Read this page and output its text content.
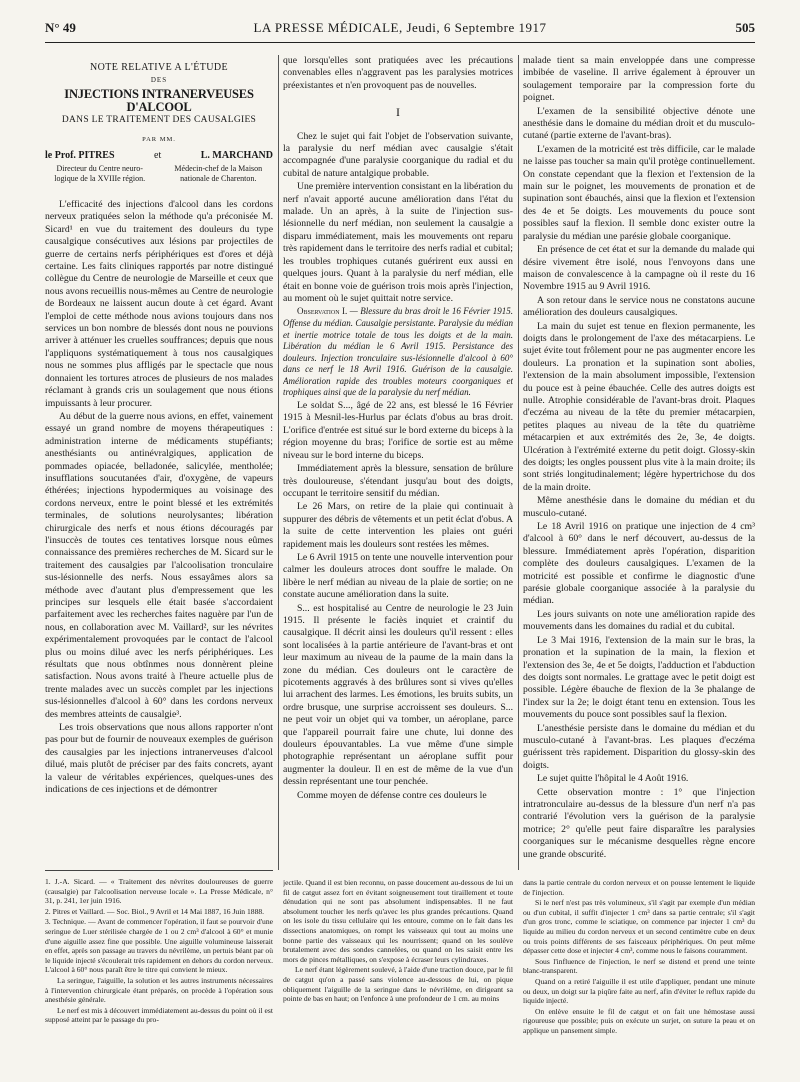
N° 49	LA PRESSE MÉDICALE, Jeudi, 6 Septembre 1917	505
NOTE RELATIVE A L'ÉTUDE
DES
INJECTIONS INTRANERVEUSES D'ALCOOL
DANS LE TRAITEMENT DES CAUSALGIES
PAR MM.
le Prof. PITRES	et	L. MARCHAND
Directeur du Centre neuro-logique de la XVIIIe région.
Médecin-chef de la Maison nationale de Charenton.

L'efficacité des injections d'alcool dans les cordons nerveux pratiquées selon la méthode qu'a préconisée M. Sicard¹ en vue du traitement des douleurs du type causalgique consécutives aux lésions par projectiles de guerre de certains nerfs périphériques est d'ores et déjà certaine. Les faits cliniques rapportés par notre distingué collègue du Centre de neurologie de Marseille et ceux que nous avons recueillis nous-mêmes au Centre de neurologie de Bordeaux ne laissent aucun doute à cet égard. Avant l'emploi de cette méthode nous avions toujours dans nos services un bon nombre de blessés dont nous ne pouvions arriver à atténuer les cruelles souffrances; depuis que nous l'appliquons systématiquement à tous nos causalgiques nous ne sommes plus affligés par le spectacle que nous donnaient les tortures atroces de plusieurs de nos malades réclamant à grands cris un soulagement que nous étions impuissants à leur procurer.

Au début de la guerre nous avions, en effet, vainement essayé un grand nombre de moyens thérapeutiques : administration interne de médicaments stupéfiants; anesthésiants ou antinévralgiques, application de pommades opiacée, belladonée, salicylée, mentholée; insufflations soucutanées d'air, d'oxygène, de vapeurs éthérées; injections hypodermiques au voisinage des cordons nerveux, entre le point blessé et les extrémités terminales, de solutions neurolysantes; libération chirurgicale des nerfs et nous étions découragés par l'insuccès de toutes ces tentatives lorsque nous eûmes connaissance des premières recherches de M. Sicard sur le traitement des causalgies par l'alcoolisation tronculaire sus-lésionnelle des nerfs. Nous essayâmes alors sa méthode avec d'autant plus d'empressement que les principes sur lesquels elle était basée s'accordaient parfaitement avec les recherches faites naguère par l'un de nous, en collaboration avec M. Vaillard², sur les névrites expérimentalement provoquées par le contact de l'alcool plus ou moins dilué avec les nerfs périphériques. Les résultats que nous obtînmes nous donnèrent pleine satisfaction. Nous avons traité à l'heure actuelle plus de trente malades avec un succès complet par les injections sus-lésionnelles d'alcool à 60° dans les cordons nerveux des membres atteints de causalgie³.

Les trois observations que nous allons rapporter n'ont pas pour but de fournir de nouveaux exemples de guérison des causalgies par les injections intranerveuses d'alcool dilué, mais plutôt de préciser par des faits concrets, ayant la valeur de véritables expériences, quelques-unes des indications de ces injections et de démontrer

que lorsqu'elles sont pratiquées avec les précautions convenables elles n'aggravent pas les paralysies motrices préexistantes et n'en provoquent pas de nouvelles.

I

Chez le sujet qui fait l'objet de l'observation suivante, la paralysie du nerf médian avec causalgie s'était accompagnée d'une paralysie coorganique du radial et du cubital de nature antalgique probable.

Une première intervention consistant en la libération du nerf n'avait apporté aucune amélioration dans l'état du malade. Un an après, à la suite de l'injection sus-lésionnelle du nerf médian, non seulement la causalgie a disparu immédiatement, mais les mouvements ont reparu très rapidement dans le territoire des nerfs radial et cubital; les troubles trophiques cutanés guérirent eux aussi en quelques jours. Quant à la paralysie du nerf médian, elle était en bonne voie de guérison trois mois après l'injection, au moment où le sujet quittait notre service.

Observation I. — Blessure du bras droit le 16 Février 1915. Offense du médian. Causalgie persistante. Paralysie du médian et inertie motrice totale de tous les doigts et de la main. Libération du médian le 6 Avril 1915. Persistance des douleurs. Injection tronculaire sus-lésionnelle d'alcool à 60° dans ce nerf le 18 Avril 1916. Guérison de la causalgie. Amélioration rapide des troubles moteurs coorganiques et trophiques ainsi que de la paralysie du nerf médian.

Le soldat S..., âgé de 22 ans, est blessé le 16 Février 1915 à Mesnil-les-Hurlus par éclats d'obus au bras droit. L'orifice d'entrée est situé sur le bord externe du biceps à la région moyenne du bras; l'orifice de sortie est au même niveau sur le bord interne du biceps.

Immédiatement après la blessure, sensation de brûlure très douloureuse, s'étendant jusqu'au bout des doigts, occupant le territoire sensitif du médian.

Le 26 Mars, on retire de la plaie qui continuait à suppurer des débris de vêtements et un petit éclat d'obus. A la suite de cette intervention les plaies ont guéri rapidement mais les douleurs sont restées les mêmes.

Le 6 Avril 1915 on tente une nouvelle intervention pour calmer les douleurs atroces dont souffre le malade. On libère le nerf médian au niveau de la plaie de sortie; on ne constate aucune amélioration dans la suite.

S... est hospitalisé au Centre de neurologie le 23 Juin 1915. Il présente le faciès inquiet et craintif du causalgique. Il décrit ainsi les douleurs qu'il ressent : elles sont localisées à la partie antérieure de l'avant-bras et ont leur maximum au niveau de la paume de la main dans la zone du médian. Ces douleurs ont le caractère de picotements aggravés à des brûlures sont si vives qu'elles lui arrachent des larmes. Les émotions, les bruits subits, un ordre brusque, une surprise accroissent ses douleurs. S... ne peut voir un objet qui va tomber, un aéroplane, parce que l'appareil pourrait faire une chute, lui donne des douleurs épouvantables. La vue même d'une simple photographie représentant un aéroplane suffit pour augmenter la douleur. Il en est de même de la vue d'un dessin représentant une tour penchée.

Comme moyen de défense contre ces douleurs le

malade tient sa main enveloppée dans une compresse imbibée de vaseline. Il arrive également à éprouver un soulagement temporaire par la compression forte du poignet.

L'examen de la sensibilité objective dénote une anesthésie dans le domaine du médian droit et du musculo-cutané (partie externe de l'avant-bras).

L'examen de la motricité est très difficile, car le malade ne laisse pas toucher sa main qu'il protège continuellement. On constate cependant que la flexion et l'extension de la main sur le poignet, les mouvements de pronation et de supination sont ébauchés, ainsi que la flexion et l'extension des 4e et 5e doigts. Les mouvements du pouce sont possibles sauf la flexion. Il semble donc exister outre la paralysie du médian une parésie globale coorganique.

En présence de cet état et sur la demande du malade qui désire vivement être isolé, nous l'envoyons dans une maison de convalescence à la campagne où il reste du 16 Novembre 1915 au 9 Avril 1916.

A son retour dans le service nous ne constatons aucune amélioration des douleurs causalgiques.

La main du sujet est tenue en flexion permanente, les doigts dans le prolongement de l'axe des métacarpiens. Le sujet évite tout frôlement pour ne pas augmenter encore les douleurs. La pronation et la supination sont abolies, l'extension de la main absolument impossible, l'extension du pouce est à peine ébauchée. Celle des autres doigts est nulle. Atrophie considérable de l'avant-bras droit. Plaques d'eczéma au niveau de la tête du premier métacarpien, petites plaques au niveau de la tête du quatrième métacarpien et aux extrémités des 2e, 3e, 4e doigts. Ulcération à l'extrémité externe du petit doigt. Glossy-skin des doigts; les ongles poussent plus vite à la main droite; ils sont striés longitudinalement; légère hypertrichose du dos de la main droite.

Même anesthésie dans le domaine du médian et du musculo-cutané.

Le 18 Avril 1916 on pratique une injection de 4 cm³ d'alcool à 60° dans le nerf découvert, au-dessus de la blessure. Immédiatement après l'opération, disparition complète des douleurs causalgiques. L'examen de la motricité est possible et confirme le diagnostic d'une parésie globale coorganique associée à la paralysie du médian.

Les jours suivants on note une amélioration rapide des mouvements dans les domaines du radial et du cubital.

Le 3 Mai 1916, l'extension de la main sur le bras, la pronation et la supination de la main, la flexion et l'extension des 3e, 4e et 5e doigts, l'adduction et l'abduction des doigts sont normales. Le grattage avec le petit doigt est possible. Légère ébauche de flexion de la 3e phalange de l'index sur la 2e; le doigt étant tenu en extension. Tous les mouvements du pouce sont possibles sauf la flexion.

L'anesthésie persiste dans le domaine du médian et du musculo-cutané à l'avant-bras. Les plaques d'eczéma guérissent très rapidement. Disparition du glossy-skin des doigts.

Le sujet quitte l'hôpital le 4 Août 1916.

Cette observation montre : 1° que l'injection intratronculaire au-dessus de la blessure d'un nerf n'a pas contrarié l'évolution vers la guérison de la paralysie motrice; 2° qu'elle peut faire disparaître les paralysies coorganiques sur le mécanisme desquelles règne encore une grande obscurité.

1. J.-A. Sicard. — « Traitement des névrites douloureuses de guerre (causalgie) par l'alcoolisation nerveuse locale ». La Presse Médicale, n° 31, p. 241, 1er juin 1916.

2. Pitres et Vaillard. — Soc. Biol., 9 Avril et 14 Mai 1887, 16 Juin 1888.

3. Technique. — Avant de commencer l'opération, il faut se pourvoir d'une seringue de Luer stérilisée chargée de 1 ou 2 cm³ d'alcool à 60° et munie d'une aiguille assez fine que possible. Une aiguille volumineuse laisserait en effet, après son passage au travers du névrilème, un pertuis béant par où le liquide injecté s'écoulerait très rapidement en dehors du cordon nerveux. L'alcool à 60° nous paraît être le titre qui convient le mieux.

La seringue, l'aiguille, la solution et les autres instruments nécessaires à l'intervention chirurgicale étant préparés, on procède à l'opération sous anesthésie générale.

Le nerf est mis à découvert immédiatement au-dessus du point où il est supposé atteint par le passage du pro-

jectile. Quand il est bien reconnu, on passe doucement au-dessous de lui un fil de catgut assez fort en évitant soigneusement tout tiraillement et toute dénudation qui ne sont pas absolument indispensables. Il ne faut absolument toucher les nerfs qu'avec les plus grandes précautions. Quand on les isole du tissu cellulaire qui les entoure, comme on le fait dans les dissections anatomiques, on rompt les vaisseaux qui tout au moins une bonne partie des vaisseaux qui les nourrissent; quand on les soulève brutalement avec des sondes cannelées, ou quand on les saisit entre les mors de pinces métalliques, on s'expose à écraser leurs cylindraxes.

Le nerf étant légèrement soulevé, à l'aide d'une traction douce, par le fil de catgut qu'on a passé sans violence au-dessous de lui, on pique obliquement l'aiguille de la seringue dans le névrilème, en dirigeant sa pointe de bas en haut; on l'enfonce à une profondeur de 1 cm. au moins

dans la partie centrale du cordon nerveux et on pousse lentement le liquide de l'injection.

Si le nerf n'est pas très volumineux, s'il s'agit par exemple d'un médian ou d'un cubital, il suffit d'injecter 1 cm³ dans sa partie centrale; s'il s'agit d'un gros tronc, comme le sciatique, on commence par injecter 1 cm³ du liquide au milieu du cordon nerveux et un second centimètre cube en deux ou trois points différents de ses faisceaux périphériques. On peut même dépasser cette dose et injecter 4 cm³, comme nous le faisons couramment.

Sous l'influence de l'injection, le nerf se distend et prend une teinte blanc-transparent.

Quand on a retiré l'aiguille il est utile d'appliquer, pendant une minute ou deux, un doigt sur la piqûre faite au nerf, afin d'éviter le reflux rapide du liquide injecté.

On enlève ensuite le fil de catgut et on fait une hémostase aussi rigoureuse que possible; puis on exécute un surjet, on suture la peau et on applique un pansement simple.
